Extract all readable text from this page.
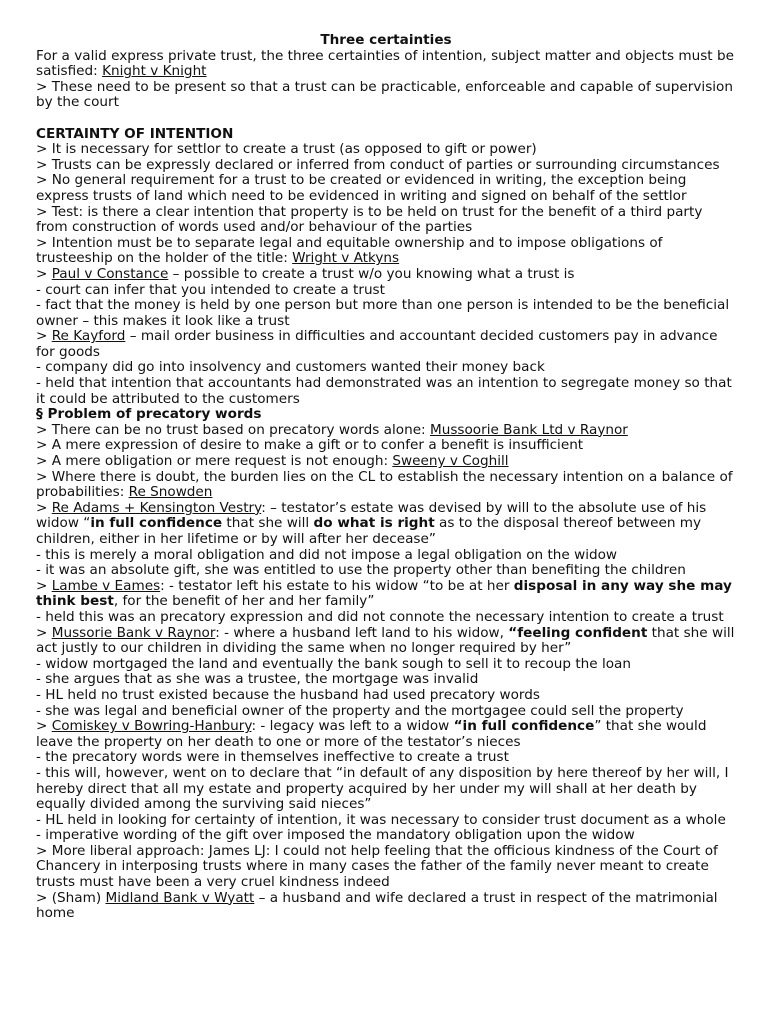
Three certainties

For a valid express private trust, the three certainties of intention, subject matter and objects must be satisfied: Knight v Knight

> These need to be present so that a trust can be practicable, enforceable and capable of supervision by the court

CERTAINTY OF INTENTION

> It is necessary for settlor to create a trust (as opposed to gift or power)

> Trusts can be expressly declared or inferred from conduct of parties or surrounding circumstances

> No general requirement for a trust to be created or evidenced in writing, the exception being express trusts of land which need to be evidenced in writing and signed on behalf of the settlor

> Test: is there a clear intention that property is to be held on trust for the benefit of a third party from construction of words used and/or behaviour of the parties

> Intention must be to separate legal and equitable ownership and to impose obligations of trusteeship on the holder of the title: Wright v Atkyns

> Paul v Constance – possible to create a trust w/o you knowing what a trust is

- court can infer that you intended to create a trust

- fact that the money is held by one person but more than one person is intended to be the beneficial owner – this makes it look like a trust

> Re Kayford – mail order business in difficulties and accountant decided customers pay in advance for goods

- company did go into insolvency and customers wanted their money back

- held that intention that accountants had demonstrated was an intention to segregate money so that it could be attributed to the customers

§ Problem of precatory words

> There can be no trust based on precatory words alone: Mussoorie Bank Ltd v Raynor

> A mere expression of desire to make a gift or to confer a benefit is insufficient

> A mere obligation or mere request is not enough: Sweeny v Coghill

> Where there is doubt, the burden lies on the CL to establish the necessary intention on a balance of probabilities: Re Snowden

> Re Adams + Kensington Vestry: – testator’s estate was devised by will to the absolute use of his widow “in full confidence that she will do what is right as to the disposal thereof between my children, either in her lifetime or by will after her decease”

- this is merely a moral obligation and did not impose a legal obligation on the widow

- it was an absolute gift, she was entitled to use the property other than benefiting the children

> Lambe v Eames: - testator left his estate to his widow “to be at her disposal in any way she may think best, for the benefit of her and her family”

- held this was an precatory expression and did not connote the necessary intention to create a trust

> Mussorie Bank v Raynor: - where a husband left land to his widow, “feeling confident that she will act justly to our children in dividing the same when no longer required by her”

- widow mortgaged the land and eventually the bank sough to sell it to recoup the loan

- she argues that as she was a trustee, the mortgage was invalid

- HL held no trust existed because the husband had used precatory words

- she was legal and beneficial owner of the property and the mortgagee could sell the property

> Comiskey v Bowring-Hanbury: - legacy was left to a widow “in full confidence” that she would leave the property on her death to one or more of the testator’s nieces

- the precatory words were in themselves ineffective to create a trust

- this will, however, went on to declare that “in default of any disposition by here thereof by her will, I hereby direct that all my estate and property acquired by her under my will shall at her death by equally divided among the surviving said nieces”

- HL held in looking for certainty of intention, it was necessary to consider trust document as a whole

- imperative wording of the gift over imposed the mandatory obligation upon the widow

> More liberal approach: James LJ: I could not help feeling that the officious kindness of the Court of Chancery in interposing trusts where in many cases the father of the family never meant to create trusts must have been a very cruel kindness indeed

> (Sham) Midland Bank v Wyatt – a husband and wife declared a trust in respect of the matrimonial home
